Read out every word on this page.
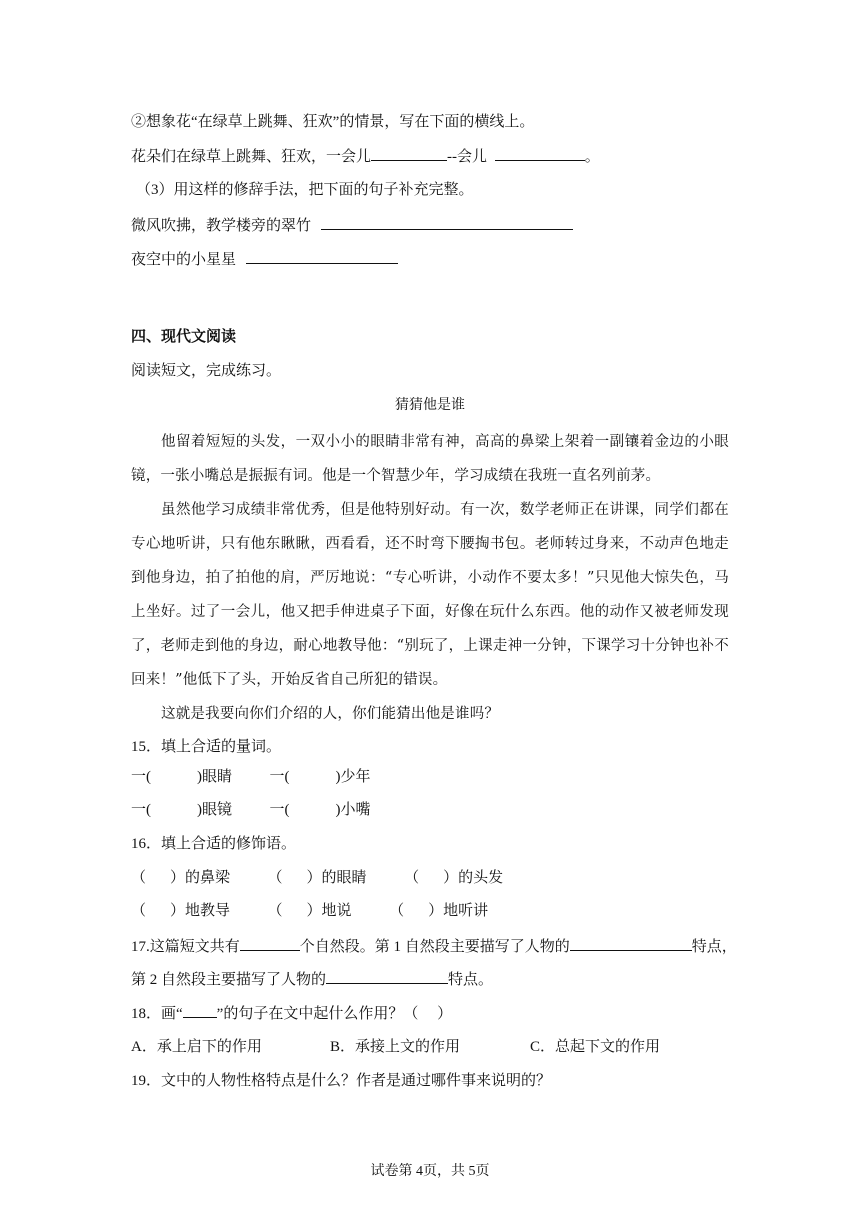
②想象花“在绿草上跳舞、狂欢”的情景，写在下面的横线上。
花朵们在绿草上跳舞、狂欢，一会儿	--会儿	。
（3）用这样的修辞手法，把下面的句子补充完整。
微风吹拂，教学楼旁的翠竹
夜空中的小星星
四、现代文阅读
阅读短文，完成练习。
猜猜他是谁

他留着短短的头发，一双小小的眼睛非常有神，高高的鼻梁上架着一副镶着金边的小眼镜，一张小嘴总是振振有词。他是一个智慧少年，学习成绩在我班一直名列前茅。

虽然他学习成绩非常优秀，但是他特别好动。有一次，数学老师正在讲课，同学们都在专心地听讲，只有他东瞅瞅，西看看，还不时弯下腰掏书包。老师转过身来，不动声色地走到他身边，拍了拍他的肩，严厉地说：“专心听讲，小动作不要太多！”只见他大惊失色，马上坐好。过了一会儿，他又把手伸进桌子下面，好像在玩什么东西。他的动作又被老师发现了，老师走到他的身边，耐心地教导他：“别玩了，上课走神一分钟，下课学习十分钟也补不回来！”他低下了头，开始反省自己所犯的错误。

这就是我要向你们介绍的人，你们能猜出他是谁吗？

15．填上合适的量词。
一(	)眼睛	一(	)少年
一(	)眼镜	一(	)小嘴
16．填上合适的修饰语。
（ ）的鼻梁	（ ）的眼睛	（ ）的头发
（ ）地教导	（ ）地说	（ ）地听讲
17.这篇短文共有	个自然段。第 1 自然段主要描写了人物的	特点，
第 2 自然段主要描写了人物的	特点。
18．画“ ”的句子在文中起什么作用？（　 ）
A．承上启下的作用	B．承接上文的作用	C．总起下文的作用
19．文中的人物性格特点是什么？作者是通过哪件事来说明的？
试卷第 4页，共 5页
